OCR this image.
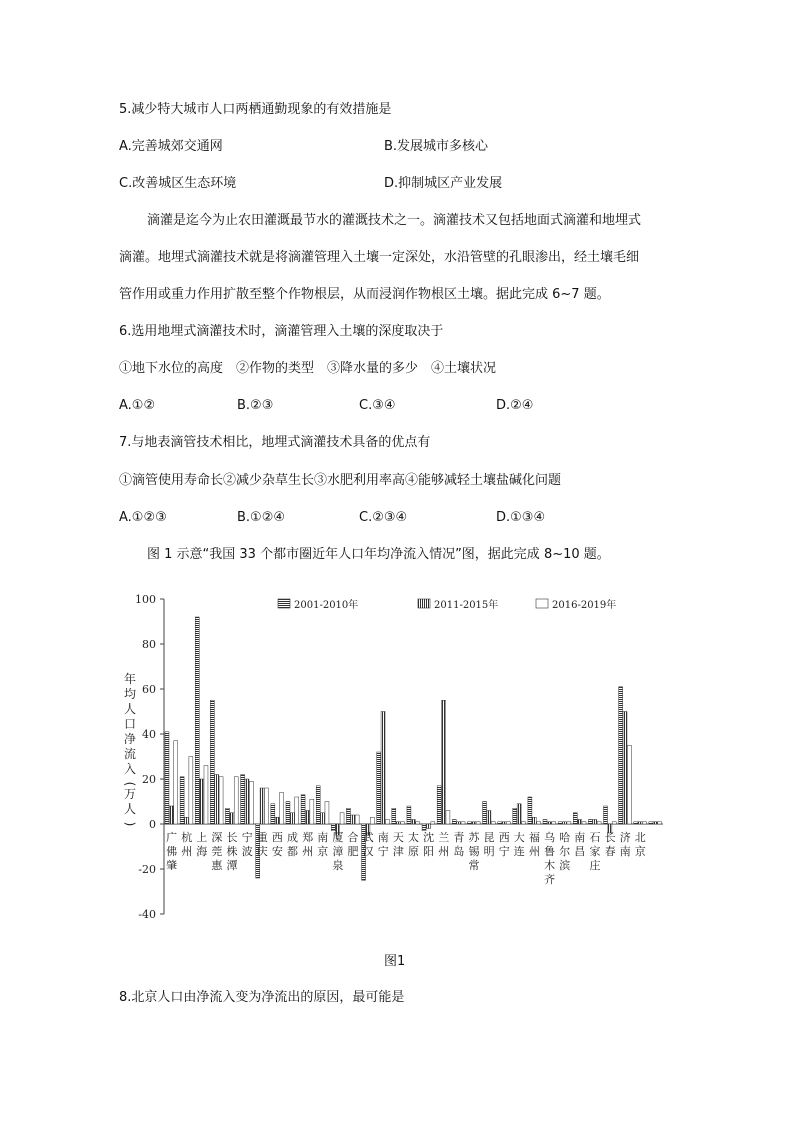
5.减少特大城市人口两栖通勤现象的有效措施是
A.完善城郊交通网	B.发展城市多核心
C.改善城区生态环境	D.抑制城区产业发展
滴灌是迄今为止农田灌溉最节水的灌溉技术之一。滴灌技术又包括地面式滴灌和地埋式
滴灌。地埋式滴灌技术就是将滴灌管理入土壤一定深处，水沿管壁的孔眼渗出，经土壤毛细
管作用或重力作用扩散至整个作物根层，从而浸润作物根区土壤。据此完成 6~7 题。
6.选用地埋式滴灌技术时，滴灌管理入土壤的深度取决于
①地下水位的高度　②作物的类型　③降水量的多少　④土壤状况
A.①②	B.②③	C.③④	D.②④
7.与地表滴管技术相比，地埋式滴灌技术具备的优点有
①滴管使用寿命长②减少杂草生长③水肥利用率高④能够减轻土壤盐碱化问题
A.①②③	B.①②④	C.②③④	D.①③④
图 1 示意“我国 33 个都市圈近年人口年均净流入情况”图，据此完成 8~10 题。
100
80
60
40
20
0
-20
-40
年
均
人
口
净
流
入
(
万
人
)
广
佛
肇
杭
州
上
海
深
莞
惠
长
株
潭
宁
波
重
庆
西
安
成
都
郑
州
南
京
厦
漳
泉
合
肥
武
汉
南
宁
天
津
太
原
沈
阳
兰
州
青
岛
苏
锡
常
昆
明
西
宁
大
连
福
州
乌
鲁
木
齐
哈
尔
滨
南
昌
石
家
庄
长
春
济
南
北
京
2001-2010年	2011-2015年	2016-2019年
图1
8.北京人口由净流入变为净流出的原因，最可能是
